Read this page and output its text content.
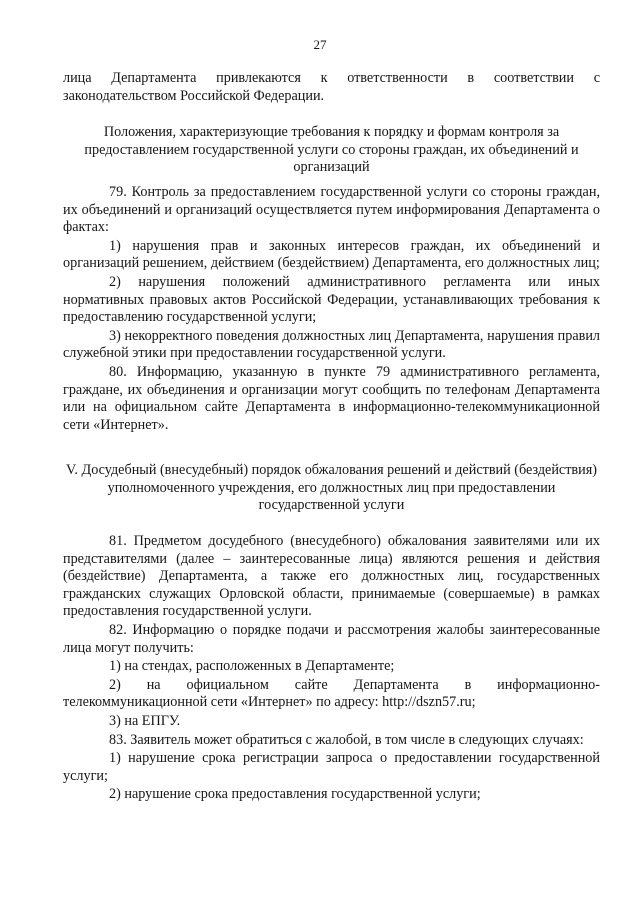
27

лица Департамента привлекаются к ответственности в соответствии с законодательством Российской Федерации.

Положения, характеризующие требования к порядку и формам контроля за предоставлением государственной услуги со стороны граждан, их объединений и организаций

79. Контроль за предоставлением государственной услуги со стороны граждан, их объединений и организаций осуществляется путем информирования Департамента о фактах:

1) нарушения прав и законных интересов граждан, их объединений и организаций решением, действием (бездействием) Департамента, его должностных лиц;

2) нарушения положений административного регламента или иных нормативных правовых актов Российской Федерации, устанавливающих требования к предоставлению государственной услуги;

3) некорректного поведения должностных лиц Департамента, нарушения правил служебной этики при предоставлении государственной услуги.

80. Информацию, указанную в пункте 79 административного регламента, граждане, их объединения и организации могут сообщить по телефонам Департамента или на официальном сайте Департамента в информационно-телекоммуникационной сети «Интернет».

V. Досудебный (внесудебный) порядок обжалования решений и действий (бездействия) уполномоченного учреждения, его должностных лиц при предоставлении государственной услуги

81. Предметом досудебного (внесудебного) обжалования заявителями или их представителями (далее – заинтересованные лица) являются решения и действия (бездействие) Департамента, а также его должностных лиц, государственных гражданских служащих Орловской области, принимаемые (совершаемые) в рамках предоставления государственной услуги.

82. Информацию о порядке подачи и рассмотрения жалобы заинтересованные лица могут получить:

1) на стендах, расположенных в Департаменте;

2) на официальном сайте Департамента в информационно-телекоммуникационной сети «Интернет» по адресу: http://dszn57.ru;

3) на ЕПГУ.

83. Заявитель может обратиться с жалобой, в том числе в следующих случаях:

1) нарушение срока регистрации запроса о предоставлении государственной услуги;

2) нарушение срока предоставления государственной услуги;
